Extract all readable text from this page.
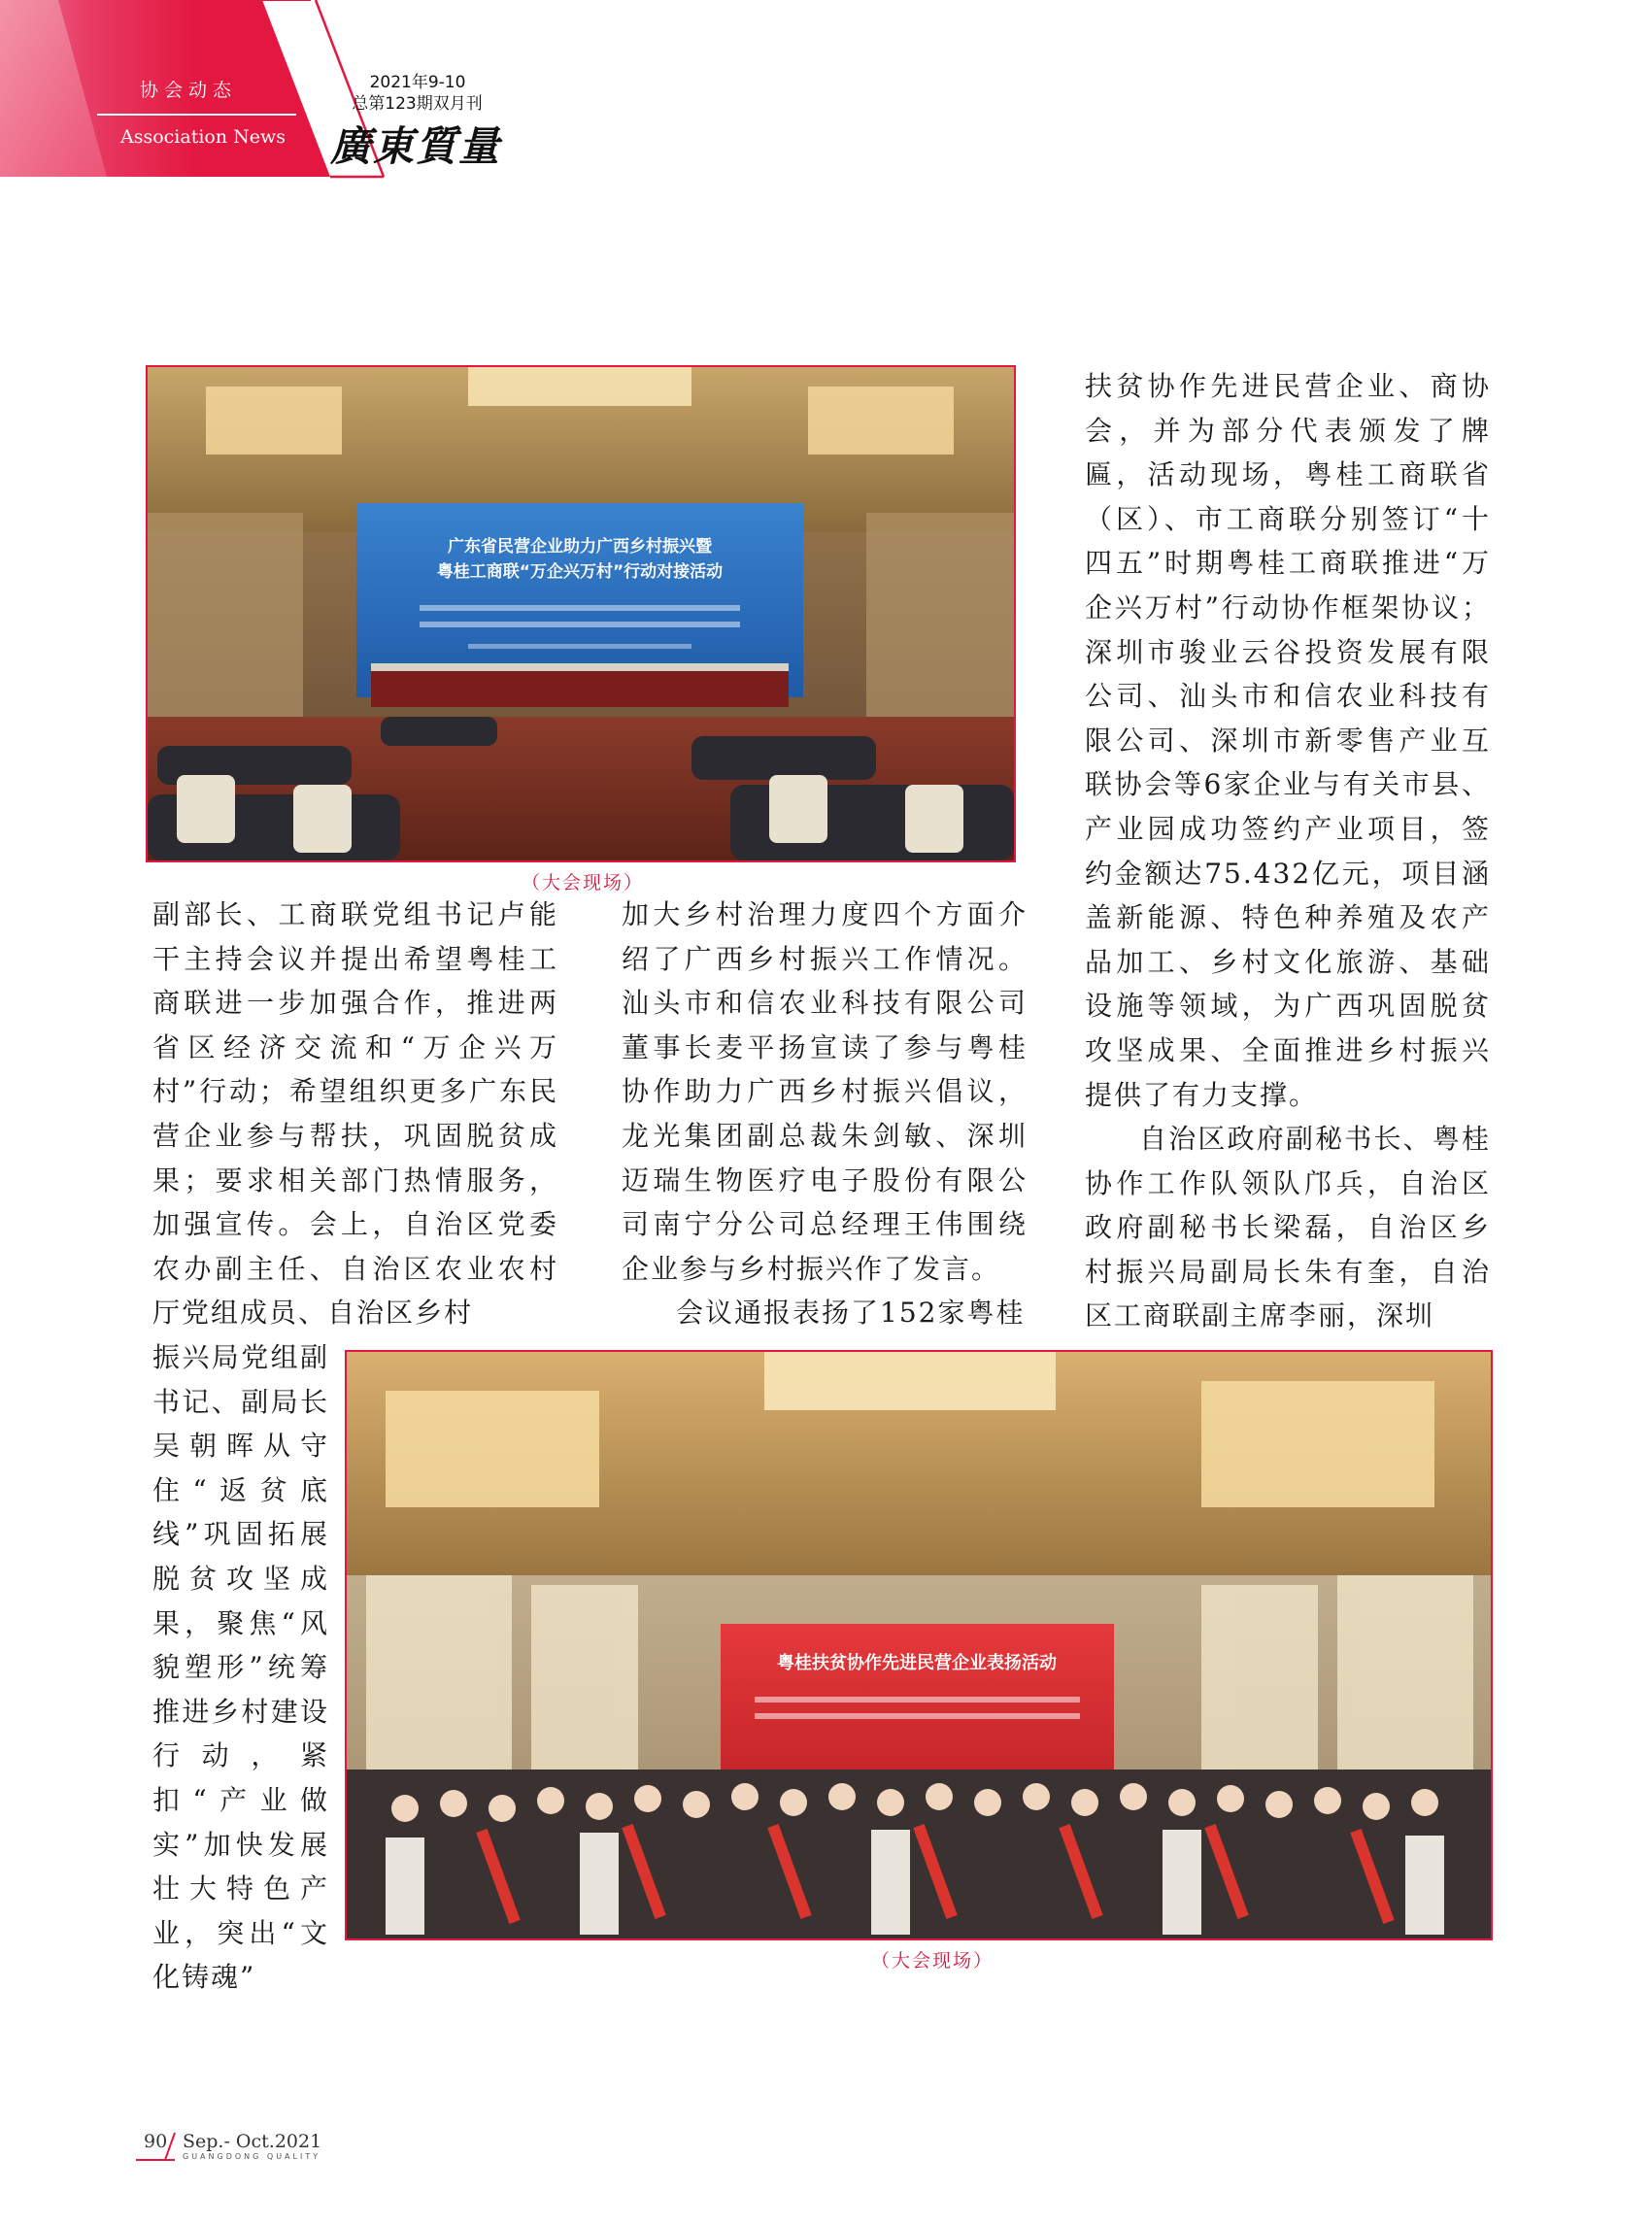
协会动态
Association News
2021年9-10
总第123期双月刊
廣東質量
广东省民营企业助力广西乡村振兴暨
粤桂工商联“万企兴万村”行动对接活动
（大会现场）

副部长、工商联党组书记卢能干主持会议并提出希望粤桂工商联进一步加强合作，推进两省区经济交流和“万企兴万村”行动；希望组织更多广东民营企业参与帮扶，巩固脱贫成果；要求相关部门热情服务，加强宣传。会上，自治区党委农办副主任、自治区农业农村厅党组成员、自治区乡村

振兴局党组副书记、副局长吴朝晖从守住“返贫底线”巩固拓展脱贫攻坚成果，聚焦“风貌塑形”统筹推进乡村建设行动，紧扣“产业做实”加快发展壮大特色产业，突出“文化铸魂”

加大乡村治理力度四个方面介绍了广西乡村振兴工作情况。汕头市和信农业科技有限公司董事长麦平扬宣读了参与粤桂协作助力广西乡村振兴倡议，龙光集团副总裁朱剑敏、深圳迈瑞生物医疗电子股份有限公司南宁分公司总经理王伟围绕企业参与乡村振兴作了发言。

会议通报表扬了152家粤桂

扶贫协作先进民营企业、商协会，并为部分代表颁发了牌匾，活动现场，粤桂工商联省（区）、市工商联分别签订“十四五”时期粤桂工商联推进“万企兴万村”行动协作框架协议；深圳市骏业云谷投资发展有限公司、汕头市和信农业科技有限公司、深圳市新零售产业互联协会等6家企业与有关市县、产业园成功签约产业项目，签约金额达75.432亿元，项目涵盖新能源、特色种养殖及农产品加工、乡村文化旅游、基础设施等领域，为广西巩固脱贫攻坚成果、全面推进乡村振兴提供了有力支撑。

自治区政府副秘书长、粤桂协作工作队领队邝兵，自治区政府副秘书长梁磊，自治区乡村振兴局副局长朱有奎，自治区工商联副主席李丽，深圳

粤桂扶贫协作先进民营企业表扬活动
（大会现场）
90 Sep.- Oct.2021
GUANGDONG QUALITY
